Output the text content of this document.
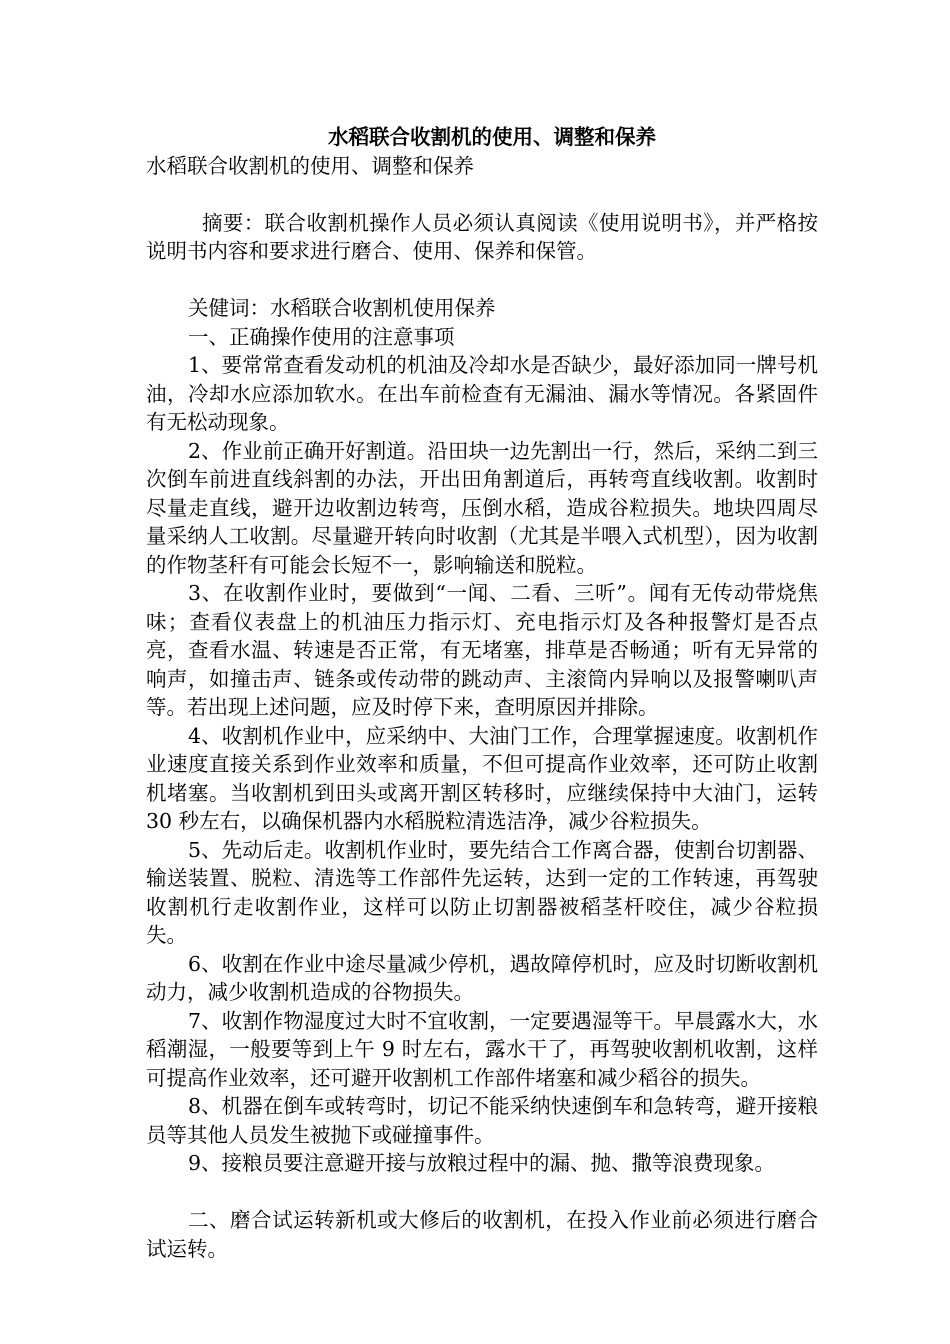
水稻联合收割机的使用、调整和保养

水稻联合收割机的使用、调整和保养

摘要：联合收割机操作人员必须认真阅读《使用说明书》，并严格按说明书内容和要求进行磨合、使用、保养和保管。

关健词：水稻联合收割机使用保养

一、正确操作使用的注意事项

1、要常常查看发动机的机油及冷却水是否缺少，最好添加同一牌号机油，冷却水应添加软水。在出车前检查有无漏油、漏水等情况。各紧固件有无松动现象。

2、作业前正确开好割道。沿田块一边先割出一行，然后，采纳二到三次倒车前进直线斜割的办法，开出田角割道后，再转弯直线收割。收割时尽量走直线，避开边收割边转弯，压倒水稻，造成谷粒损失。地块四周尽量采纳人工收割。尽量避开转向时收割（尤其是半喂入式机型），因为收割的作物茎秆有可能会长短不一，影响输送和脱粒。

3、在收割作业时，要做到“一闻、二看、三听”。闻有无传动带烧焦味；查看仪表盘上的机油压力指示灯、充电指示灯及各种报警灯是否点亮，查看水温、转速是否正常，有无堵塞，排草是否畅通；听有无异常的响声，如撞击声、链条或传动带的跳动声、主滚筒内异响以及报警喇叭声等。若出现上述问题，应及时停下来，查明原因并排除。

4、收割机作业中，应采纳中、大油门工作，合理掌握速度。收割机作业速度直接关系到作业效率和质量，不但可提高作业效率，还可防止收割机堵塞。当收割机到田头或离开割区转移时，应继续保持中大油门，运转 30 秒左右，以确保机器内水稻脱粒清选洁净，减少谷粒损失。

5、先动后走。收割机作业时，要先结合工作离合器，使割台切割器、输送装置、脱粒、清选等工作部件先运转，达到一定的工作转速，再驾驶收割机行走收割作业，这样可以防止切割器被稻茎杆咬住，减少谷粒损失。

6、收割在作业中途尽量减少停机，遇故障停机时，应及时切断收割机动力，减少收割机造成的谷物损失。

7、收割作物湿度过大时不宜收割，一定要遇湿等干。早晨露水大，水稻潮湿，一般要等到上午 9 时左右，露水干了，再驾驶收割机收割，这样可提高作业效率，还可避开收割机工作部件堵塞和减少稻谷的损失。

8、机器在倒车或转弯时，切记不能采纳快速倒车和急转弯，避开接粮员等其他人员发生被抛下或碰撞事件。

9、接粮员要注意避开接与放粮过程中的漏、抛、撒等浪费现象。

二、磨合试运转新机或大修后的收割机，在投入作业前必须进行磨合试运转。
